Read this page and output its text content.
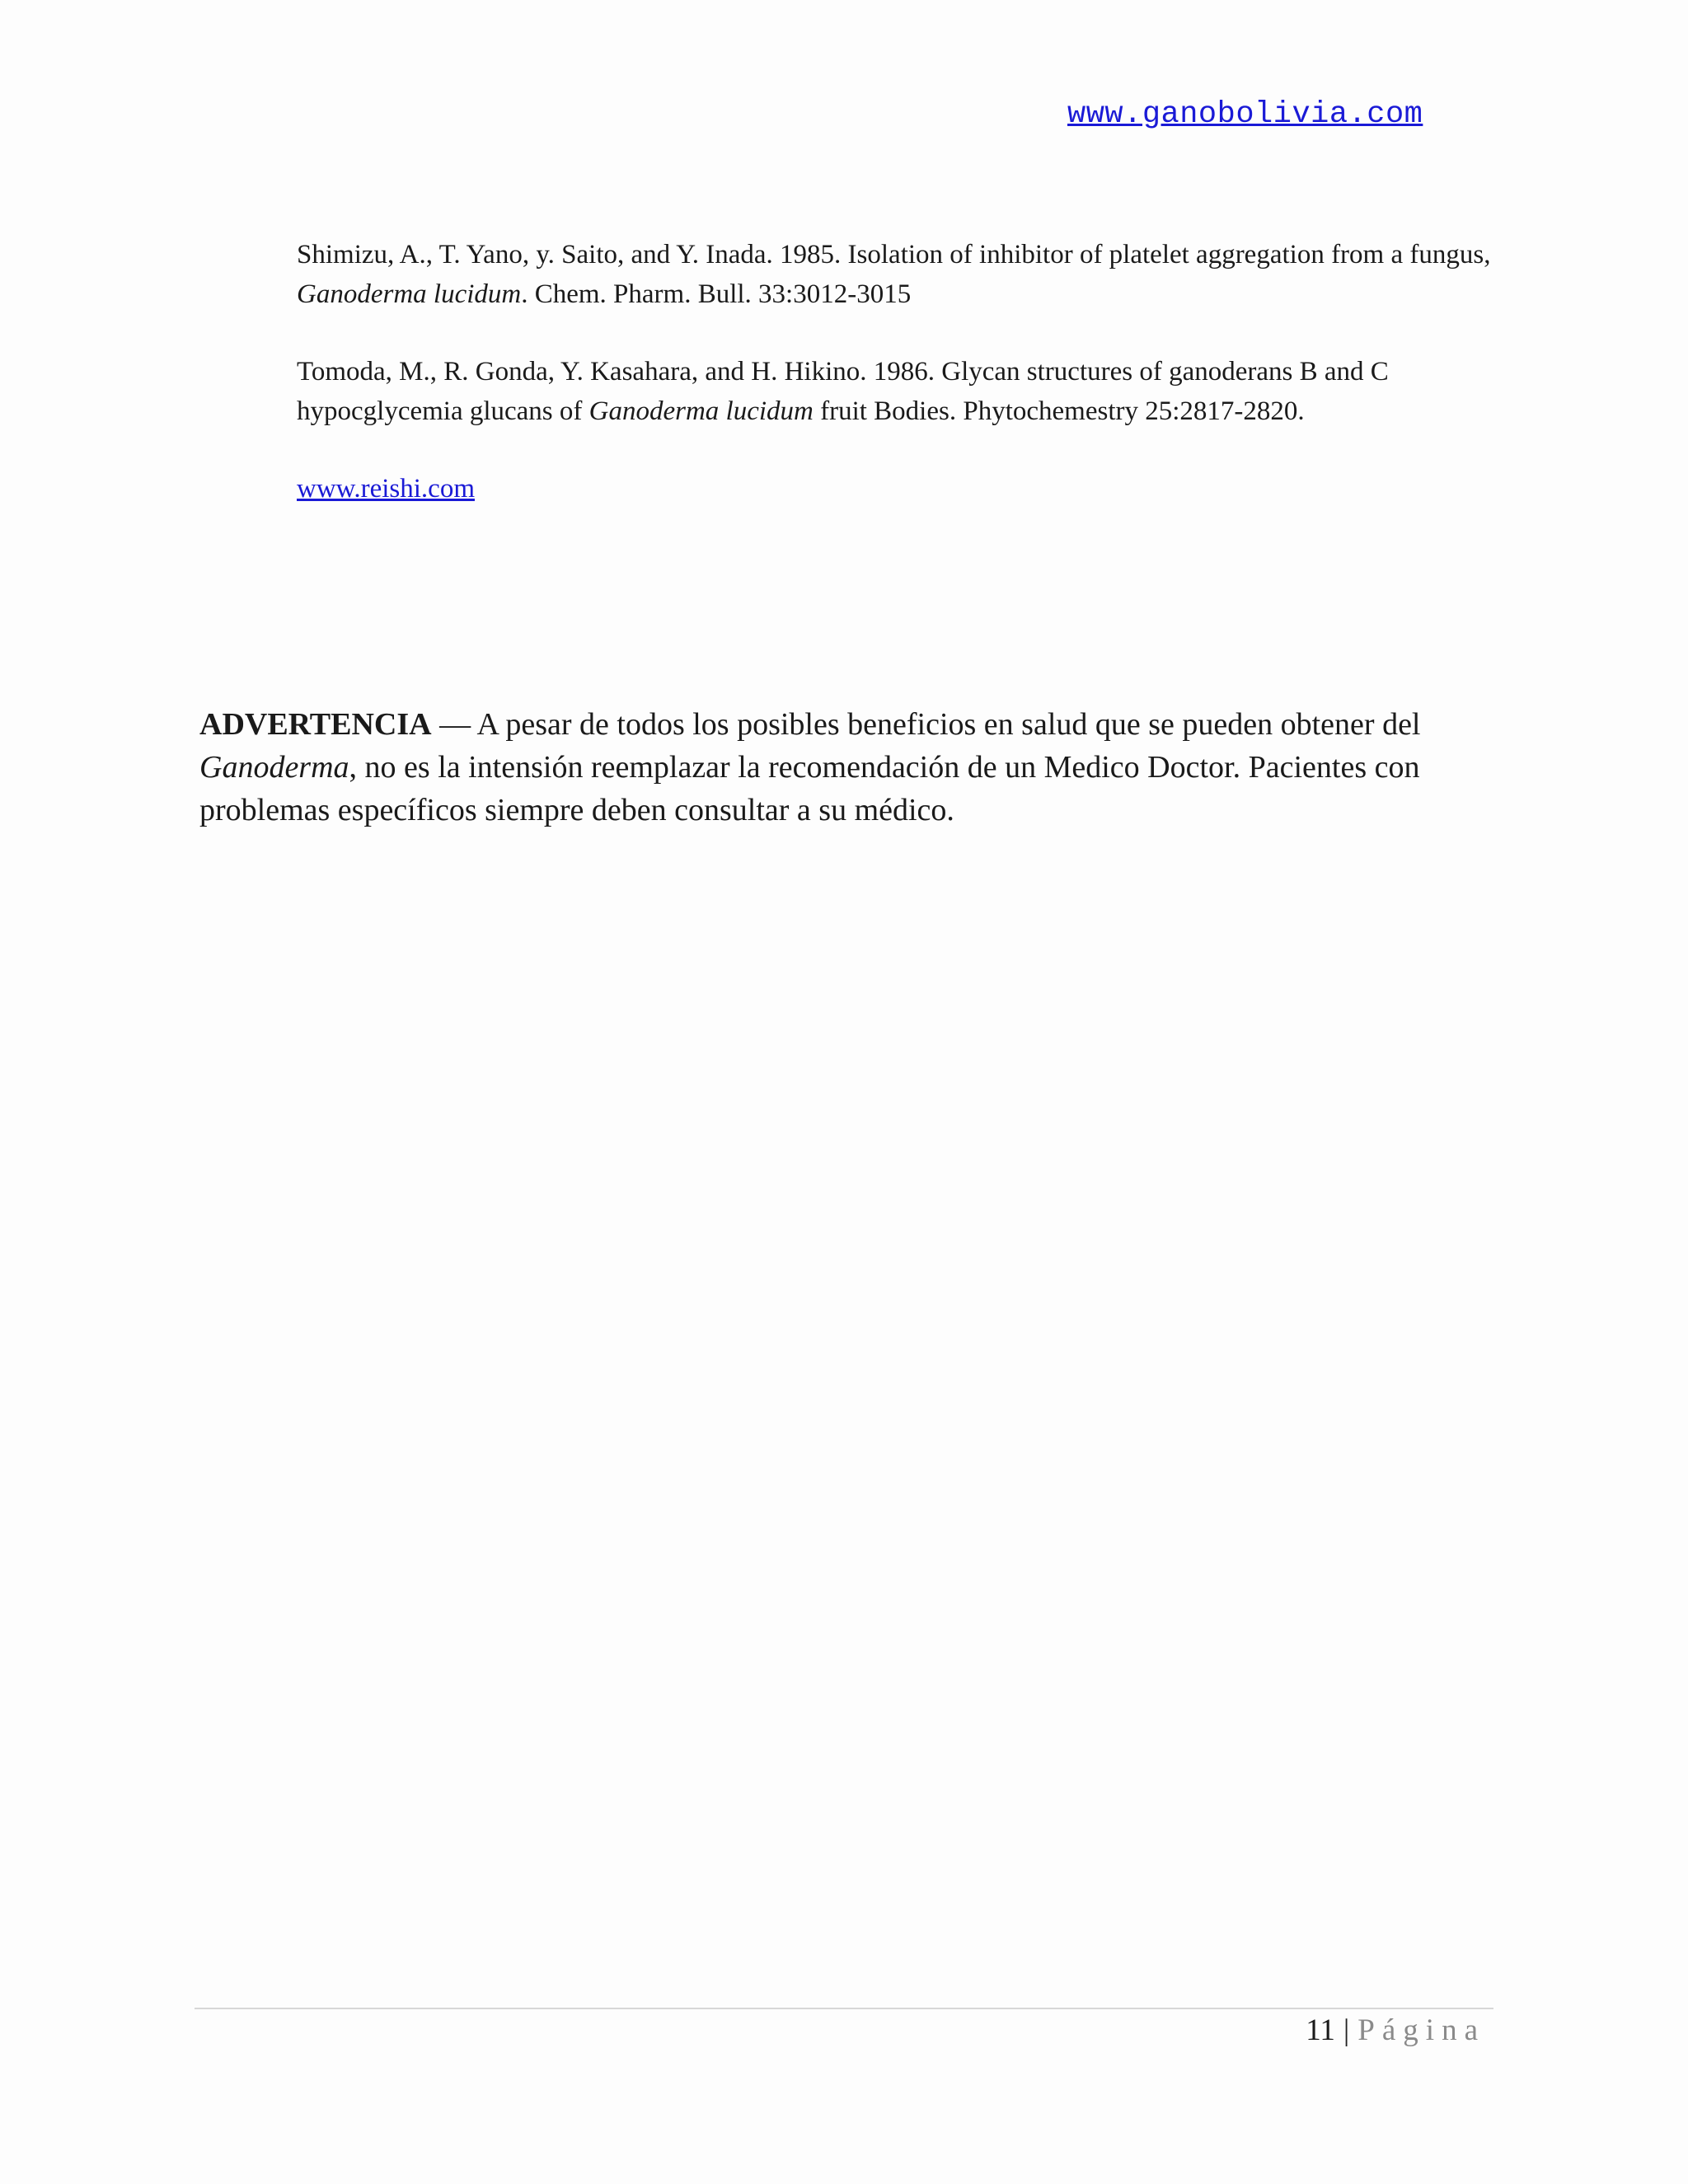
www.ganobolivia.com

Shimizu, A., T. Yano, y. Saito, and Y. Inada. 1985. Isolation of inhibitor of platelet aggregation from a fungus, Ganoderma lucidum. Chem. Pharm. Bull. 33:3012-3015

Tomoda, M., R. Gonda, Y. Kasahara, and H. Hikino. 1986. Glycan structures of ganoderans B and C hypocglycemia glucans of Ganoderma lucidum fruit Bodies. Phytochemestry 25:2817-2820.

www.reishi.com

ADVERTENCIA — A pesar de todos los posibles beneficios en salud que se pueden obtener del Ganoderma, no es la intensión reemplazar la recomendación de un Medico Doctor. Pacientes con problemas específicos siempre deben consultar a su médico.

11 | Página
